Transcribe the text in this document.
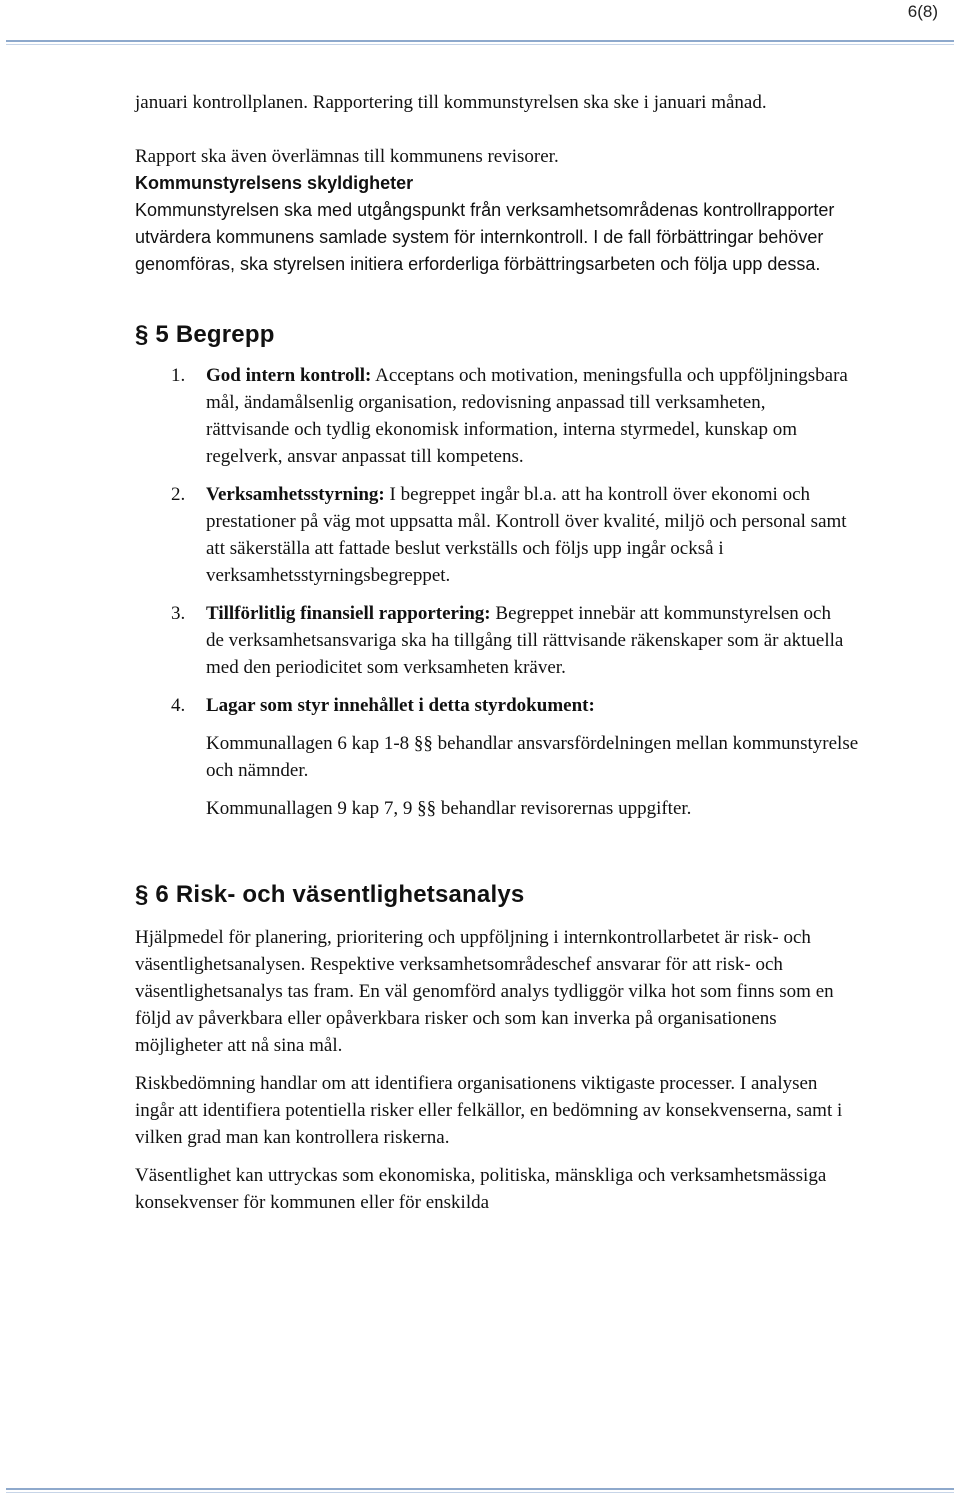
6(8)

januari kontrollplanen. Rapportering till kommunstyrelsen ska ske i januari månad.

Rapport ska även överlämnas till kommunens revisorer.

Kommunstyrelsens skyldigheter

Kommunstyrelsen ska med utgångspunkt från verksamhetsområdenas kontrollrapporter utvärdera kommunens samlade system för internkontroll. I de fall förbättringar behöver genomföras, ska styrelsen initiera erforderliga förbättringsarbeten och följa upp dessa.

§ 5 Begrepp
1. God intern kontroll: Acceptans och motivation, meningsfulla och uppföljningsbara mål, ändamålsenlig organisation, redovisning anpassad till verksamheten, rättvisande och tydlig ekonomisk information, interna styrmedel, kunskap om regelverk, ansvar anpassat till kompetens.
2. Verksamhetsstyrning: I begreppet ingår bl.a. att ha kontroll över ekonomi och prestationer på väg mot uppsatta mål. Kontroll över kvalité, miljö och personal samt att säkerställa att fattade beslut verkställs och följs upp ingår också i verksamhetsstyrningsbegreppet.
3. Tillförlitlig finansiell rapportering: Begreppet innebär att kommunstyrelsen och de verksamhetsansvariga ska ha tillgång till rättvisande räkenskaper som är aktuella med den periodicitet som verksamheten kräver.
4. Lagar som styr innehållet i detta styrdokument:

Kommunallagen 6 kap 1-8 §§ behandlar ansvarsfördelningen mellan kommunstyrelse och nämnder.

Kommunallagen 9 kap 7, 9 §§ behandlar revisorernas uppgifter.

§ 6 Risk- och väsentlighetsanalys

Hjälpmedel för planering, prioritering och uppföljning i internkontrollarbetet är risk- och väsentlighetsanalysen. Respektive verksamhetsområdeschef ansvarar för att risk- och väsentlighetsanalys tas fram. En väl genomförd analys tydliggör vilka hot som finns som en följd av påverkbara eller opåverkbara risker och som kan inverka på organisationens möjligheter att nå sina mål.

Riskbedömning handlar om att identifiera organisationens viktigaste processer. I analysen ingår att identifiera potentiella risker eller felkällor, en bedömning av konsekvenserna, samt i vilken grad man kan kontrollera riskerna.

Väsentlighet kan uttryckas som ekonomiska, politiska, mänskliga och verksamhetsmässiga konsekvenser för kommunen eller för enskilda
